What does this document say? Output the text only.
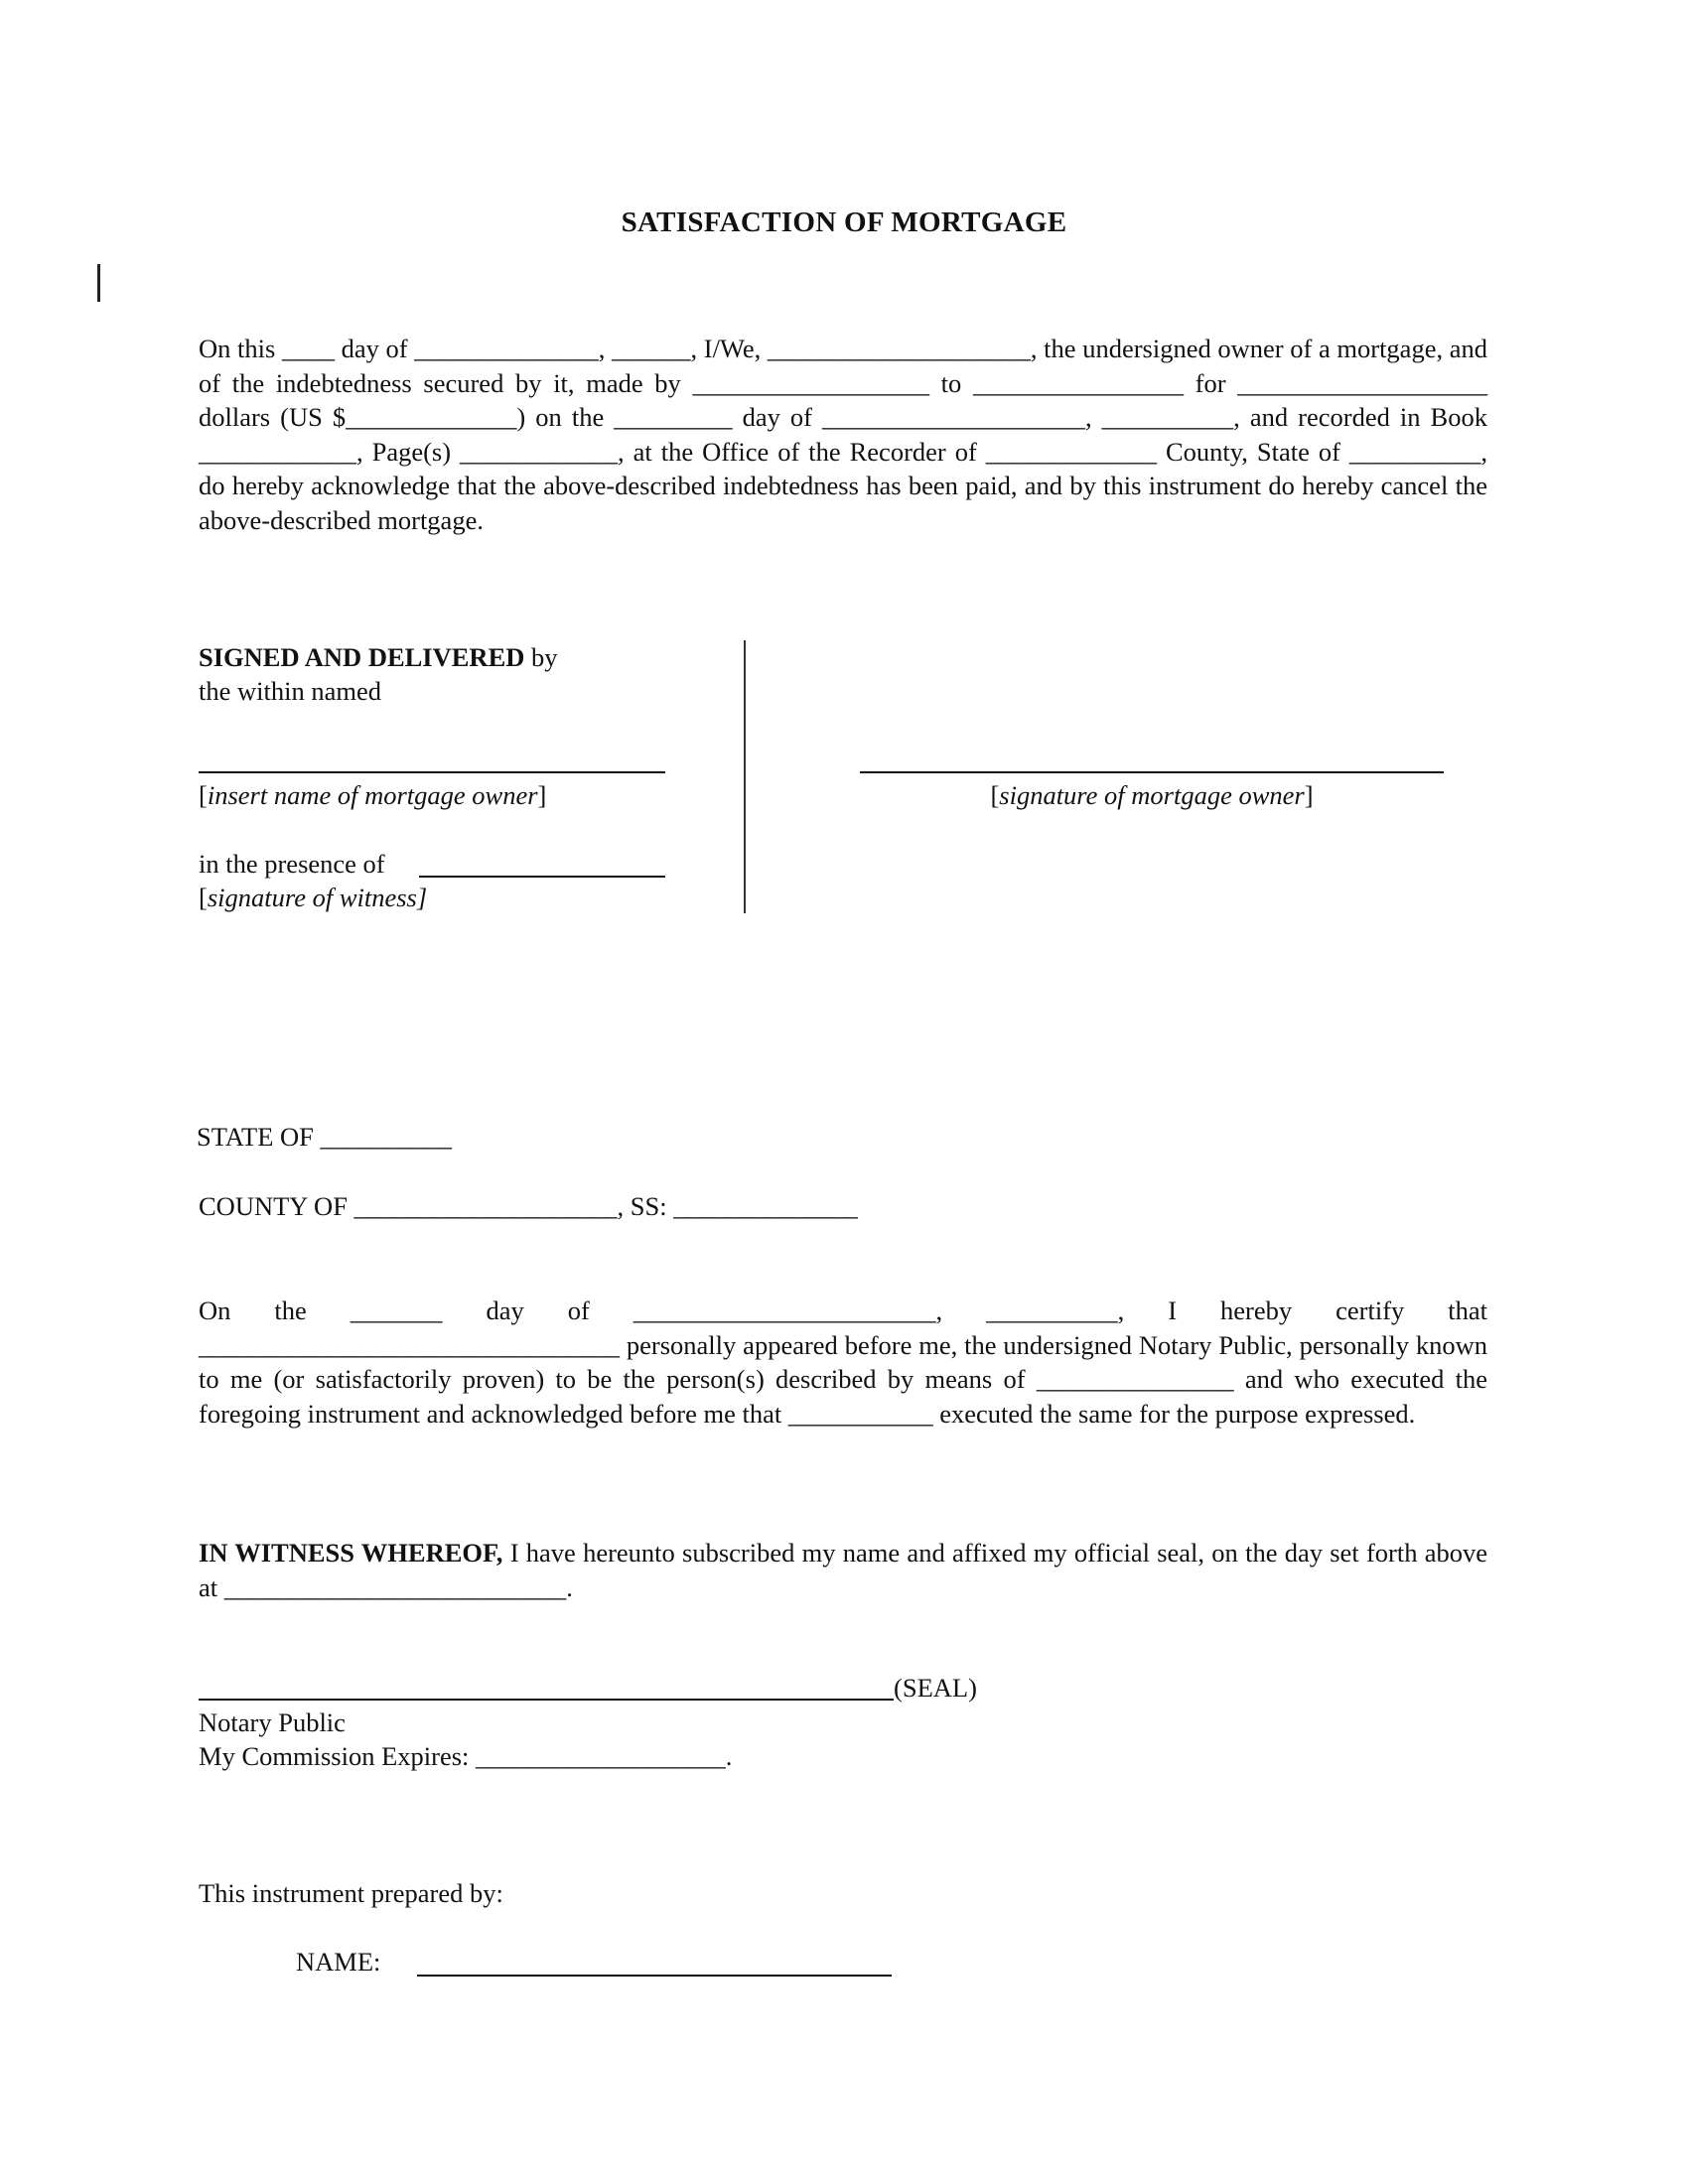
SATISFACTION OF MORTGAGE

On this ____ day of ______________, ______, I/We, ____________________, the undersigned owner of a mortgage, and of the indebtedness secured by it, made by __________________ to ________________ for ___________________ dollars (US $_____________) on the _________ day of ____________________, __________, and recorded in Book ____________, Page(s) ____________, at the Office of the Recorder of _____________ County, State of __________, do hereby acknowledge that the above-described indebtedness has been paid, and by this instrument do hereby cancel the above-described mortgage.

SIGNED AND DELIVERED by
the within named
[insert name of mortgage owner]	[signature of mortgage owner]
in the presence of
[signature of witness]
STATE OF __________
COUNTY OF ____________________, SS: ______________

On the _______ day of _______________________, __________, I hereby certify that ________________________________ personally appeared before me, the undersigned Notary Public, personally known to me (or satisfactorily proven) to be the person(s) described by means of _______________ and who executed the foregoing instrument and acknowledged before me that ___________ executed the same for the purpose expressed.

IN WITNESS WHEREOF, I have hereunto subscribed my name and affixed my official seal, on the day set forth above at __________________________.

(SEAL)
Notary Public
My Commission Expires: ___________________.
This instrument prepared by:
NAME:
